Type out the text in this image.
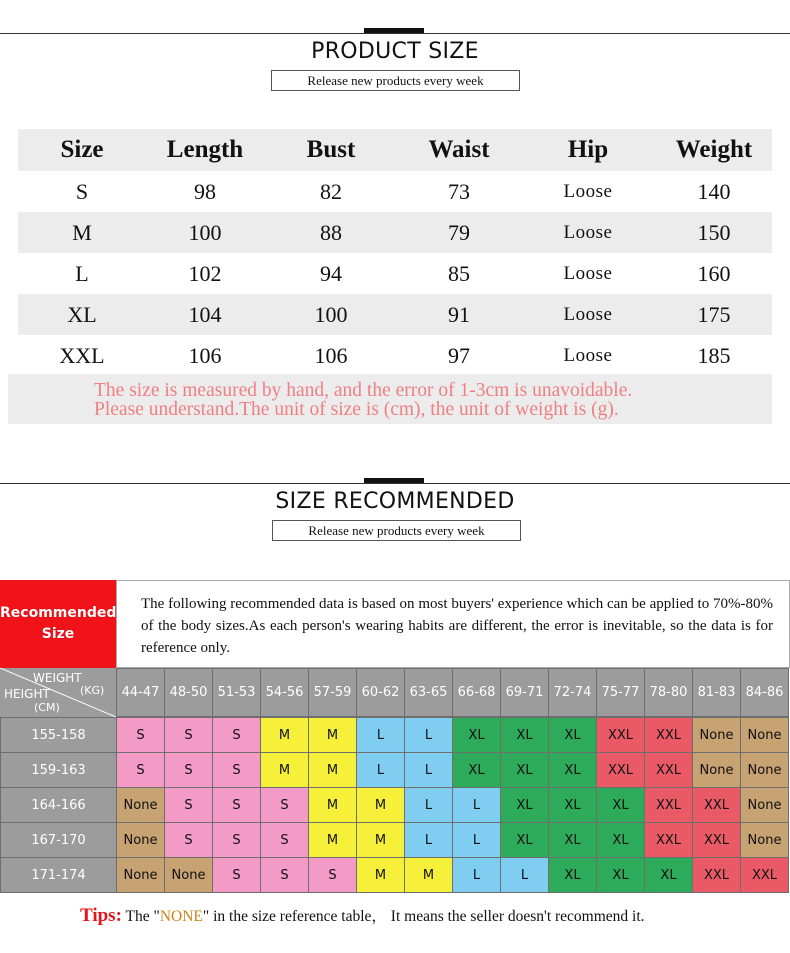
PRODUCT SIZE
Release new products every week
Size	Length	Bust	Waist	Hip	Weight
S	98	82	73	Loose	140
M	100	88	79	Loose	150
L	102	94	85	Loose	160
XL	104	100	91	Loose	175
XXL	106	106	97	Loose	185
The size is measured by hand, and the error of 1-3cm is unavoidable.
Please understand.The unit of size is (cm), the unit of weight is (g).
SIZE RECOMMENDED
Release new products every week
Recommended
Size
The following recommended data is based on most buyers' experience which can be applied to 70%-80% of the body sizes.As each person's wearing habits are different, the error is inevitable, so the data is for reference only.
WEIGHT
(KG)
HEIGHT
(CM)
44-47 48-50 51-53 54-56 57-59 60-62 63-65 66-68 69-71 72-74 75-77 78-80 81-83 84-86
155-158	S	S	S	M	M	L	L	XL	XL	XL	XXL	XXL	None	None
159-163	S	S	S	M	M	L	L	XL	XL	XL	XXL	XXL	None	None
164-166	None	S	S	S	M	M	L	L	XL	XL	XL	XXL	XXL	None
167-170	None	S	S	S	M	M	L	L	XL	XL	XL	XXL	XXL	None
171-174	None	None	S	S	S	M	M	L	L	XL	XL	XL	XXL	XXL
Tips: The "NONE" in the size reference table， It means the seller doesn't recommend it.
